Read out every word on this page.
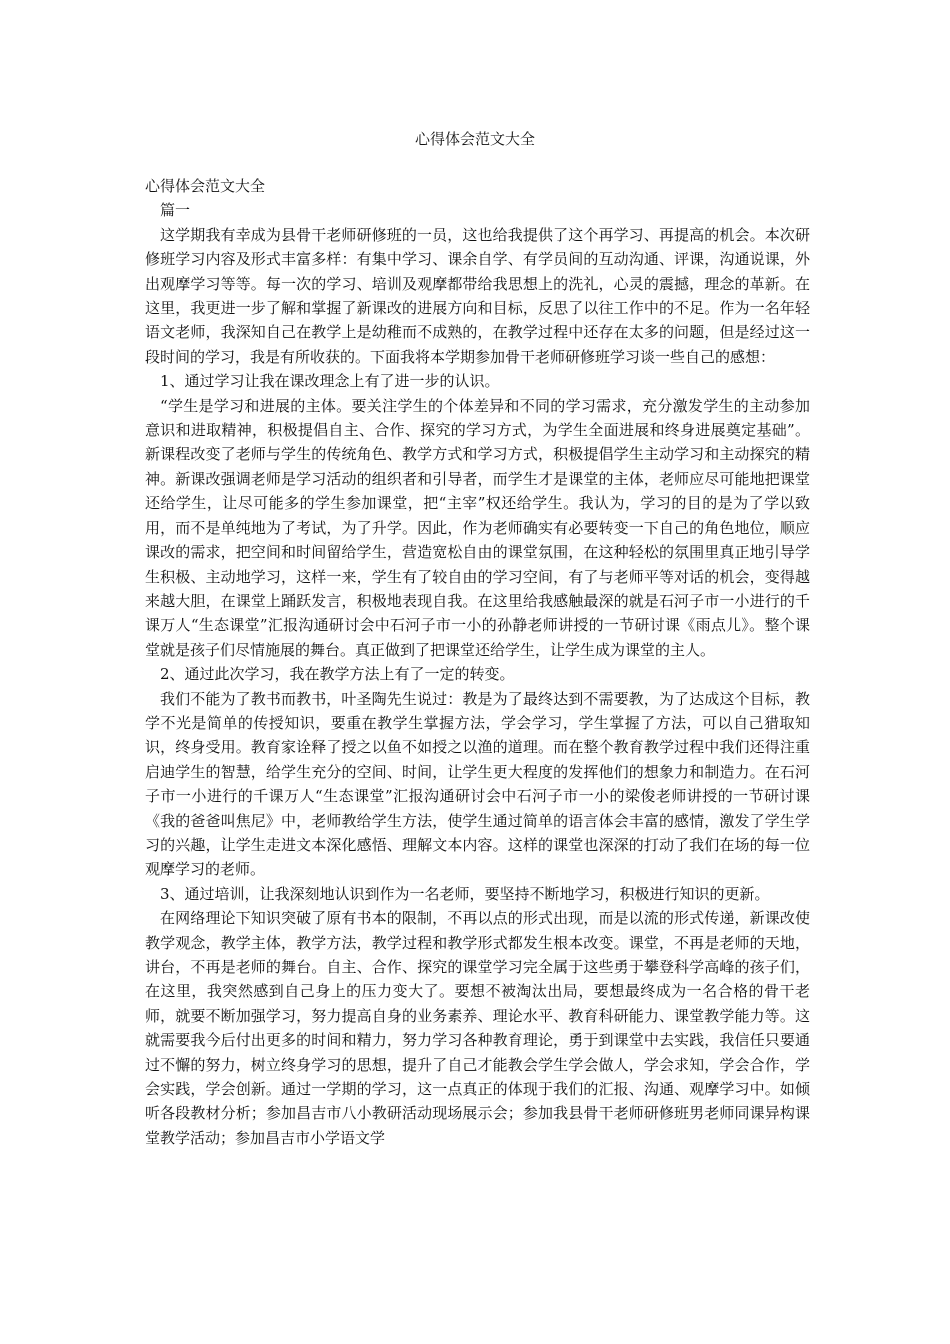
心得体会范文大全

心得体会范文大全

篇一

这学期我有幸成为县骨干老师研修班的一员，这也给我提供了这个再学习、再提高的机会。本次研修班学习内容及形式丰富多样：有集中学习、课余自学、有学员间的互动沟通、评课，沟通说课，外出观摩学习等等。每一次的学习、培训及观摩都带给我思想上的洗礼，心灵的震撼，理念的革新。在这里，我更进一步了解和掌握了新课改的进展方向和目标，反思了以往工作中的不足。作为一名年轻语文老师，我深知自己在教学上是幼稚而不成熟的，在教学过程中还存在太多的问题，但是经过这一段时间的学习，我是有所收获的。下面我将本学期参加骨干老师研修班学习谈一些自己的感想：

1、通过学习让我在课改理念上有了进一步的认识。

“学生是学习和进展的主体。要关注学生的个体差异和不同的学习需求，充分激发学生的主动参加意识和进取精神，积极提倡自主、合作、探究的学习方式，为学生全面进展和终身进展奠定基础”。新课程改变了老师与学生的传统角色、教学方式和学习方式，积极提倡学生主动学习和主动探究的精神。新课改强调老师是学习活动的组织者和引导者，而学生才是课堂的主体，老师应尽可能地把课堂还给学生，让尽可能多的学生参加课堂，把“主宰”权还给学生。我认为，学习的目的是为了学以致用，而不是单纯地为了考试，为了升学。因此，作为老师确实有必要转变一下自己的角色地位，顺应课改的需求，把空间和时间留给学生，营造宽松自由的课堂氛围，在这种轻松的氛围里真正地引导学生积极、主动地学习，这样一来，学生有了较自由的学习空间，有了与老师平等对话的机会，变得越来越大胆，在课堂上踊跃发言，积极地表现自我。在这里给我感触最深的就是石河子市一小进行的千课万人“生态课堂”汇报沟通研讨会中石河子市一小的孙静老师讲授的一节研讨课《雨点儿》。整个课堂就是孩子们尽情施展的舞台。真正做到了把课堂还给学生，让学生成为课堂的主人。

2、通过此次学习，我在教学方法上有了一定的转变。

我们不能为了教书而教书，叶圣陶先生说过：教是为了最终达到不需要教，为了达成这个目标，教学不光是简单的传授知识，要重在教学生掌握方法，学会学习，学生掌握了方法，可以自己猎取知识，终身受用。教育家诠释了授之以鱼不如授之以渔的道理。而在整个教育教学过程中我们还得注重启迪学生的智慧，给学生充分的空间、时间，让学生更大程度的发挥他们的想象力和制造力。在石河子市一小进行的千课万人“生态课堂”汇报沟通研讨会中石河子市一小的梁俊老师讲授的一节研讨课《我的爸爸叫焦尼》中，老师教给学生方法，使学生通过简单的语言体会丰富的感情，激发了学生学习的兴趣，让学生走进文本深化感悟、理解文本内容。这样的课堂也深深的打动了我们在场的每一位观摩学习的老师。

3、通过培训，让我深刻地认识到作为一名老师，要坚持不断地学习，积极进行知识的更新。

在网络理论下知识突破了原有书本的限制，不再以点的形式出现，而是以流的形式传递，新课改使教学观念，教学主体，教学方法，教学过程和教学形式都发生根本改变。课堂，不再是老师的天地，讲台，不再是老师的舞台。自主、合作、探究的课堂学习完全属于这些勇于攀登科学高峰的孩子们，在这里，我突然感到自己身上的压力变大了。要想不被淘汰出局，要想最终成为一名合格的骨干老师，就要不断加强学习，努力提高自身的业务素养、理论水平、教育科研能力、课堂教学能力等。这就需要我今后付出更多的时间和精力，努力学习各种教育理论，勇于到课堂中去实践，我信任只要通过不懈的努力，树立终身学习的思想，提升了自己才能教会学生学会做人，学会求知，学会合作，学会实践，学会创新。通过一学期的学习，这一点真正的体现于我们的汇报、沟通、观摩学习中。如倾听各段教材分析；参加昌吉市八小教研活动现场展示会；参加我县骨干老师研修班男老师同课异构课堂教学活动；参加昌吉市小学语文学
